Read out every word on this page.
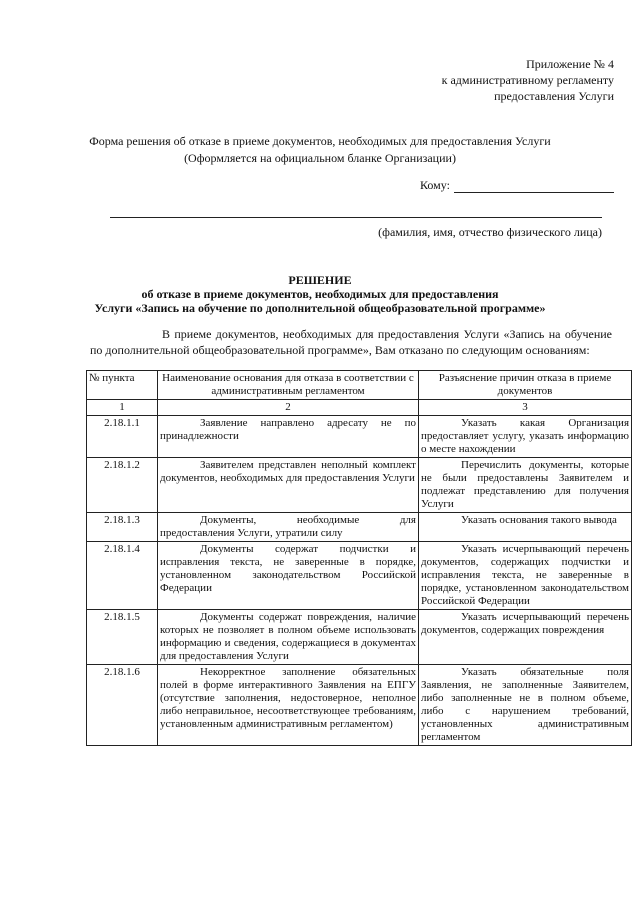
Приложение № 4
к административному регламенту
предоставления Услуги
Форма решения об отказе в приеме документов, необходимых для предоставления Услуги
(Оформляется на официальном бланке Организации)
Кому:
(фамилия, имя, отчество физического лица)
РЕШЕНИЕ
об отказе в приеме документов, необходимых для предоставления
Услуги «Запись на обучение по дополнительной общеобразовательной программе»

В приеме документов, необходимых для предоставления Услуги «Запись на обучение по дополнительной общеобразовательной программе», Вам отказано по следующим основаниям:

№ пункта	Наименование основания для отказа в соответствии с административным регламентом	Разъяснение причин отказа в приеме документов
1	2	3
2.18.1.1	Заявление направлено адресату не по принадлежности	Указать какая Организация предоставляет услугу, указать информацию о месте нахождении
2.18.1.2	Заявителем представлен неполный комплект документов, необходимых для предоставления Услуги	Перечислить документы, которые не были предоставлены Заявителем и подлежат представлению для получения Услуги
2.18.1.3	Документы, необходимые для предоставления Услуги, утратили силу	Указать основания такого вывода
2.18.1.4	Документы содержат подчистки и исправления текста, не заверенные в порядке, установленном законодательством Российской Федерации	Указать исчерпывающий перечень документов, содержащих подчистки и исправления текста, не заверенные в порядке, установленном законодательством Российской Федерации
2.18.1.5	Документы содержат повреждения, наличие которых не позволяет в полном объеме использовать информацию и сведения, содержащиеся в документах для предоставления Услуги	Указать исчерпывающий перечень документов, содержащих повреждения
2.18.1.6	Некорректное заполнение обязательных полей в форме интерактивного Заявления на ЕПГУ (отсутствие заполнения, недостоверное, неполное либо неправильное, несоответствующее требованиям, установленным административным регламентом)	Указать обязательные поля Заявления, не заполненные Заявителем, либо заполненные не в полном объеме, либо с нарушением требований, установленных административным регламентом
